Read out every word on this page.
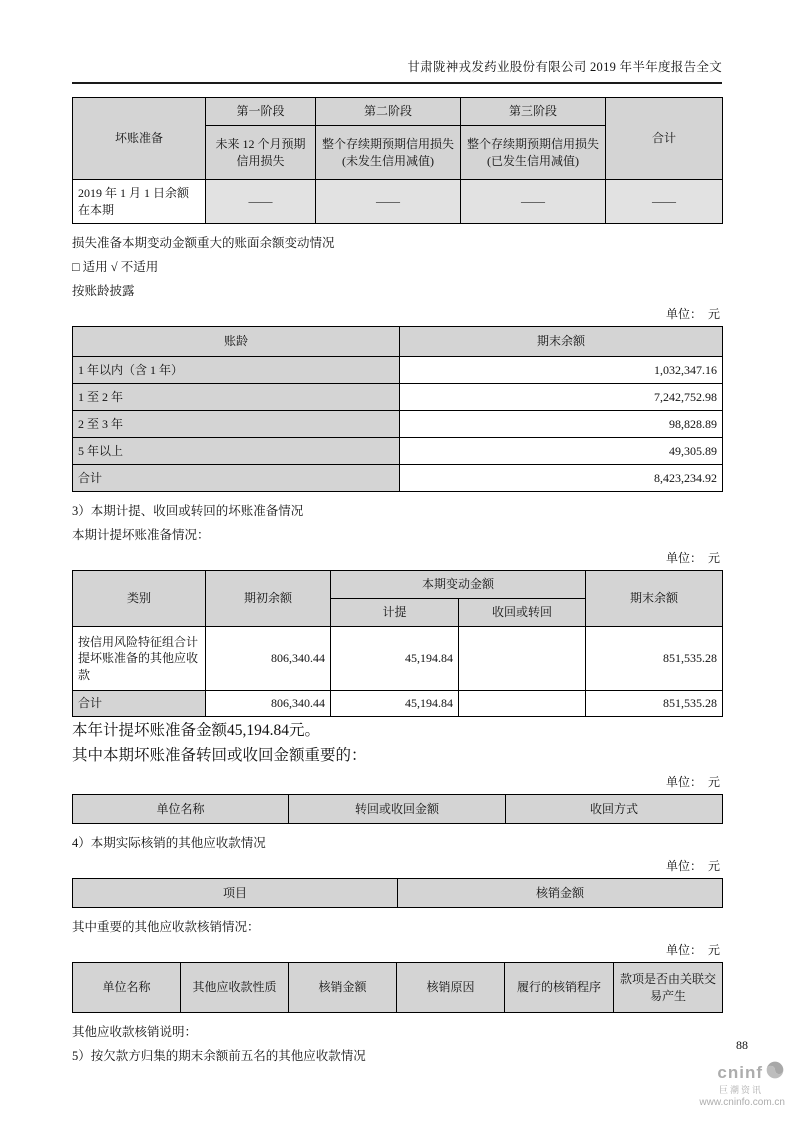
甘肃陇神戎发药业股份有限公司 2019 年半年度报告全文
坏账准备	第一阶段	第二阶段	第三阶段	合计
	未来 12 个月预期信用损失	整个存续期预期信用损失(未发生信用减值)	整个存续期预期信用损失(已发生信用减值)	
2019 年 1 月 1 日余额在本期	——	——	——	——
损失准备本期变动金额重大的账面余额变动情况
□ 适用 √ 不适用
按账龄披露
单位：  元
账龄	期末余额
1 年以内（含 1 年）	1,032,347.16
1 至 2 年	7,242,752.98
2 至 3 年	98,828.89
5 年以上	49,305.89
合计	8,423,234.92
3）本期计提、收回或转回的坏账准备情况
本期计提坏账准备情况：
单位：  元
类别	期初余额	本期变动金额		期末余额
		计提	收回或转回	
按信用风险特征组合计提坏账准备的其他应收款	806,340.44	45,194.84		851,535.28
合计	806,340.44	45,194.84		851,535.28
本年计提坏账准备金额45,194.84元。
其中本期坏账准备转回或收回金额重要的：
单位：  元
单位名称	转回或收回金额	收回方式
4）本期实际核销的其他应收款情况
单位：  元
项目	核销金额
其中重要的其他应收款核销情况：
单位：  元
单位名称	其他应收款性质	核销金额	核销原因	履行的核销程序	款项是否由关联交易产生
其他应收款核销说明：
5）按欠款方归集的期末余额前五名的其他应收款情况
88
cninf
巨潮资讯
www.cninfo.com.cn
